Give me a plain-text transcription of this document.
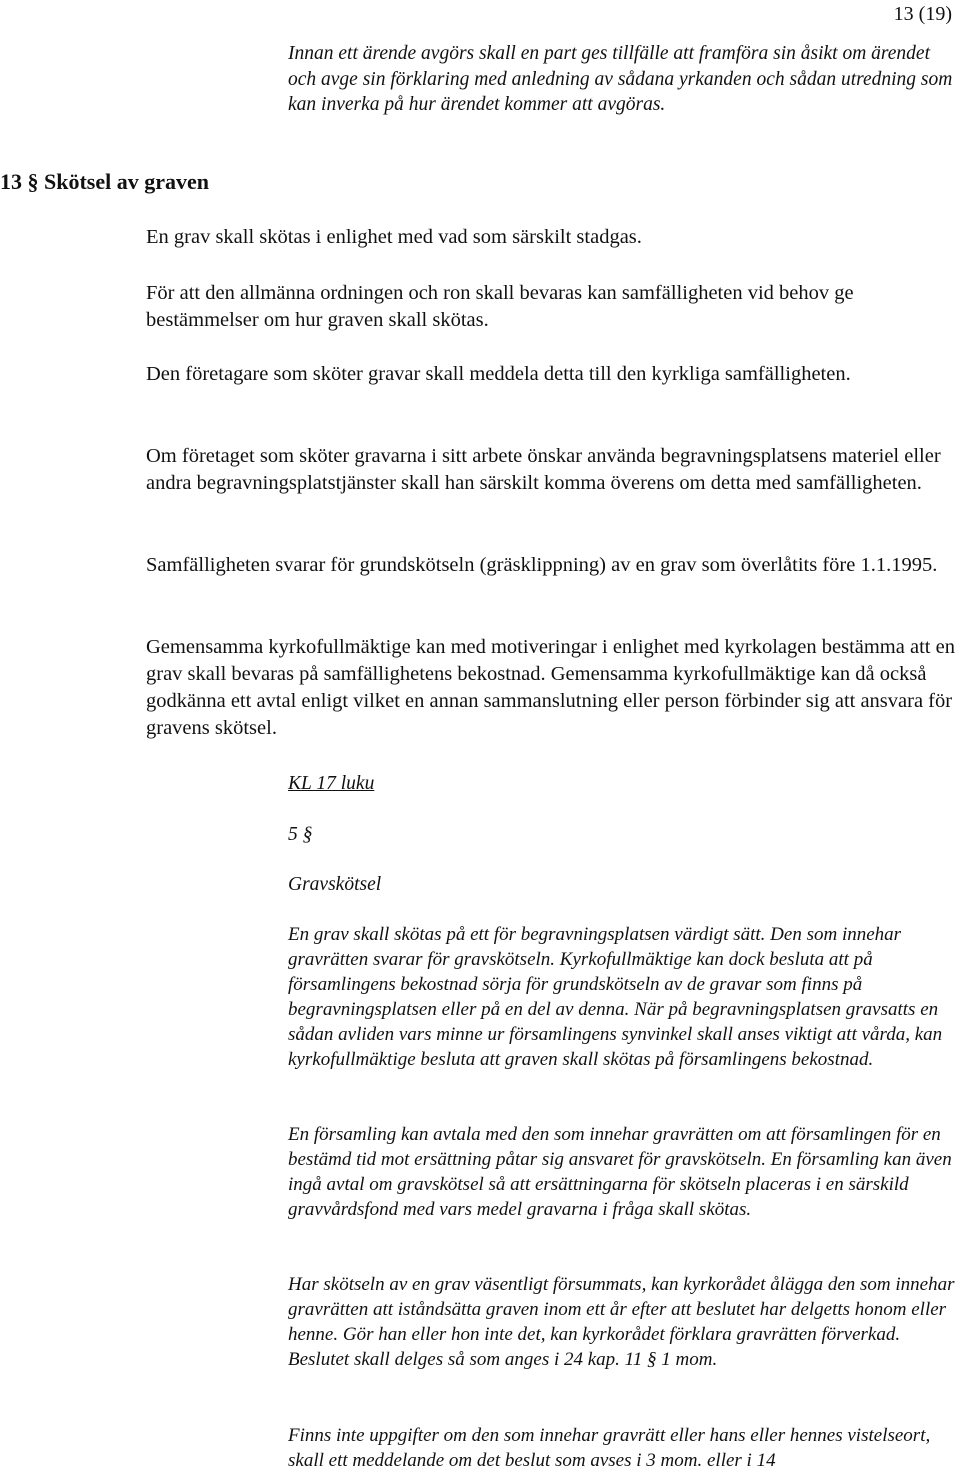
13 (19)

Innan ett ärende avgörs skall en part ges tillfälle att framföra sin åsikt om ärendet och avge sin förklaring med anledning av sådana yrkanden och sådan utredning som kan inverka på hur ärendet kommer att avgöras.

13 § Skötsel av graven

En grav skall skötas i enlighet med vad som särskilt stadgas.

För att den allmänna ordningen och ron skall bevaras kan samfälligheten vid behov ge bestämmelser om hur graven skall skötas.

Den företagare som sköter gravar skall meddela detta till den kyrkliga samfälligheten.

Om företaget som sköter gravarna i sitt arbete önskar använda begravningsplatsens materiel eller andra begravningsplatstjänster skall han särskilt komma överens om detta med samfälligheten.

Samfälligheten svarar för grundskötseln (gräsklippning) av en grav som överlåtits före 1.1.1995.

Gemensamma kyrkofullmäktige kan med motiveringar i enlighet med kyrkolagen bestämma att en grav skall bevaras på samfällighetens bekostnad. Gemensamma kyrkofullmäktige kan då också godkänna ett avtal enligt vilket en annan sammanslutning eller person förbinder sig att ansvara för gravens skötsel.

KL 17 luku

5 §

Gravskötsel

En grav skall skötas på ett för begravningsplatsen värdigt sätt. Den som innehar gravrätten svarar för gravskötseln. Kyrkofullmäktige kan dock besluta att på församlingens bekostnad sörja för grundskötseln av de gravar som finns på begravningsplatsen eller på en del av denna. När på begravningsplatsen gravsatts en sådan avliden vars minne ur församlingens synvinkel skall anses viktigt att vårda, kan kyrkofullmäktige besluta att graven skall skötas på församlingens bekostnad.

En församling kan avtala med den som innehar gravrätten om att församlingen för en bestämd tid mot ersättning påtar sig ansvaret för gravskötseln. En församling kan även ingå avtal om gravskötsel så att ersättningarna för skötseln placeras i en särskild gravvårdsfond med vars medel gravarna i fråga skall skötas.

Har skötseln av en grav väsentligt försummats, kan kyrkorådet ålägga den som innehar gravrätten att iståndsätta graven inom ett år efter att beslutet har delgetts honom eller henne. Gör han eller hon inte det, kan kyrkorådet förklara gravrätten förverkad. Beslutet skall delges så som anges i 24 kap. 11 § 1 mom.

Finns inte uppgifter om den som innehar gravrätt eller hans eller hennes vistelseort, skall ett meddelande om det beslut som avses i 3 mom. eller i 14
